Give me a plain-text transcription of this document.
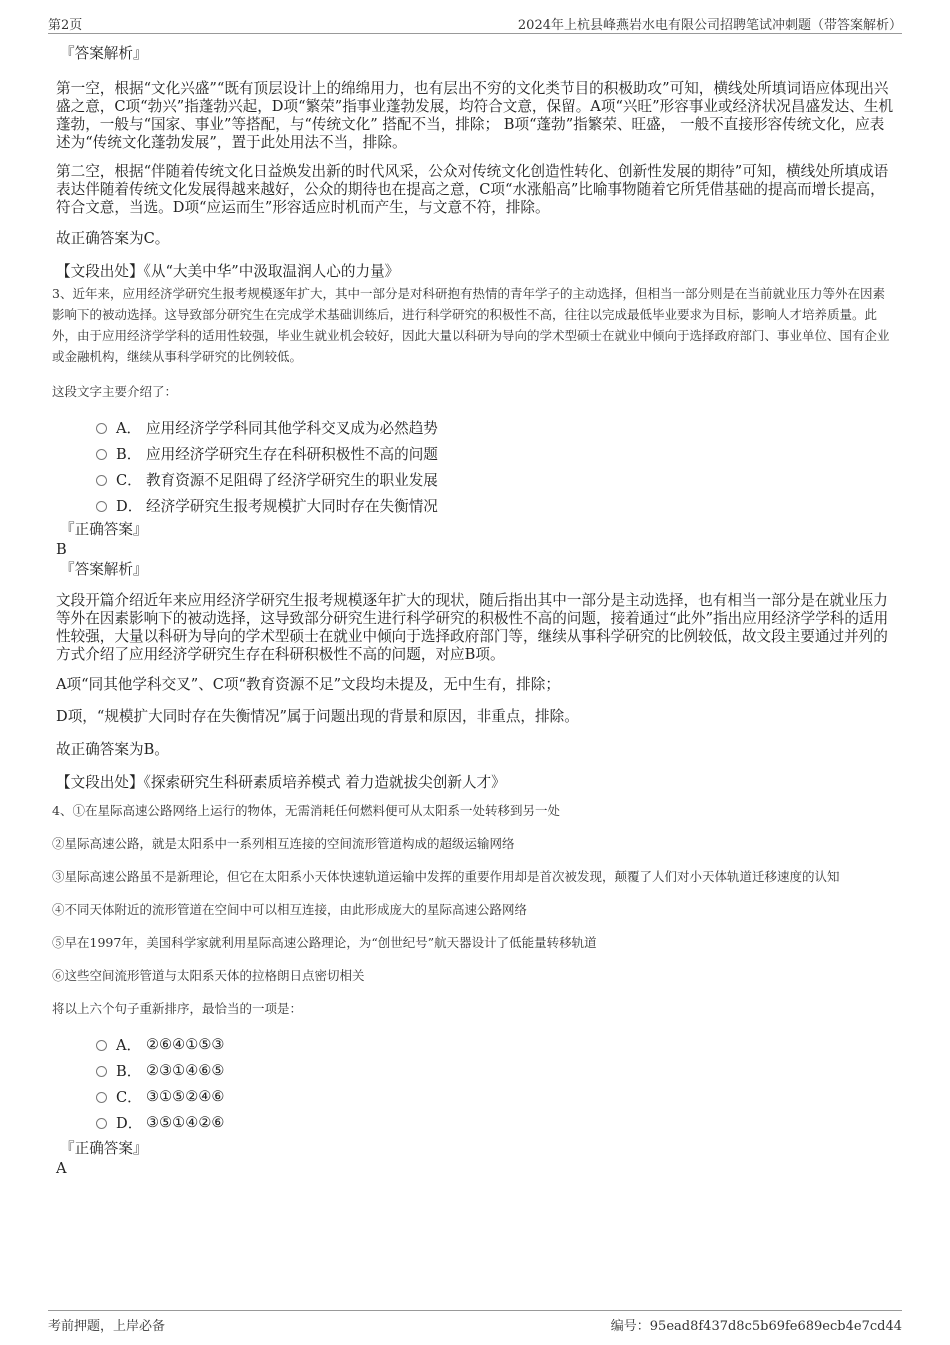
第2页	2024年上杭县峰燕岩水电有限公司招聘笔试冲刺题（带答案解析）
『答案解析』
第一空，根据“文化兴盛”“既有顶层设计上的绵绵用力，也有层出不穷的文化类节目的积极助攻”可知，横线处所填词语应体现出兴盛之意，C项“勃兴”指蓬勃兴起，D项“繁荣”指事业蓬勃发展，均符合文意，保留。A项“兴旺”形容事业或经济状况昌盛发达、生机蓬勃，一般与“国家、事业”等搭配，与“传统文化” 搭配不当，排除； B项“蓬勃”指繁荣、旺盛， 一般不直接形容传统文化，应表述为“传统文化蓬勃发展”，置于此处用法不当，排除。
第二空，根据“伴随着传统文化日益焕发出新的时代风采，公众对传统文化创造性转化、创新性发展的期待”可知，横线处所填成语表达伴随着传统文化发展得越来越好，公众的期待也在提高之意，C项“水涨船高”比喻事物随着它所凭借基础的提高而增长提高，符合文意，当选。D项“应运而生”形容适应时机而产生，与文意不符，排除。
故正确答案为C。
【文段出处】《从“大美中华”中汲取温润人心的力量》
3、近年来，应用经济学研究生报考规模逐年扩大，其中一部分是对科研抱有热情的青年学子的主动选择，但相当一部分则是在当前就业压力等外在因素影响下的被动选择。这导致部分研究生在完成学术基础训练后，进行科学研究的积极性不高，往往以完成最低毕业要求为目标，影响人才培养质量。此外，由于应用经济学学科的适用性较强，毕业生就业机会较好，因此大量以科研为导向的学术型硕士在就业中倾向于选择政府部门、事业单位、国有企业或金融机构，继续从事科学研究的比例较低。
这段文字主要介绍了：
A． 应用经济学学科同其他学科交叉成为必然趋势
B． 应用经济学研究生存在科研积极性不高的问题
C． 教育资源不足阻碍了经济学研究生的职业发展
D． 经济学研究生报考规模扩大同时存在失衡情况
『正确答案』
B
『答案解析』
文段开篇介绍近年来应用经济学研究生报考规模逐年扩大的现状，随后指出其中一部分是主动选择，也有相当一部分是在就业压力等外在因素影响下的被动选择，这导致部分研究生进行科学研究的积极性不高的问题，接着通过“此外”指出应用经济学学科的适用性较强，大量以科研为导向的学术型硕士在就业中倾向于选择政府部门等，继续从事科学研究的比例较低，故文段主要通过并列的方式介绍了应用经济学研究生存在科研积极性不高的问题，对应B项。
A项“同其他学科交叉”、C项“教育资源不足”文段均未提及，无中生有，排除；
D项，“规模扩大同时存在失衡情况”属于问题出现的背景和原因，非重点，排除。
故正确答案为B。
【文段出处】《探索研究生科研素质培养模式 着力造就拔尖创新人才》
4、①在星际高速公路网络上运行的物体，无需消耗任何燃料便可从太阳系一处转移到另一处
②星际高速公路，就是太阳系中一系列相互连接的空间流形管道构成的超级运输网络
③星际高速公路虽不是新理论，但它在太阳系小天体快速轨道运输中发挥的重要作用却是首次被发现，颠覆了人们对小天体轨道迁移速度的认知
④不同天体附近的流形管道在空间中可以相互连接，由此形成庞大的星际高速公路网络
⑤早在1997年，美国科学家就利用星际高速公路理论，为“创世纪号”航天器设计了低能量转移轨道
⑥这些空间流形管道与太阳系天体的拉格朗日点密切相关
将以上六个句子重新排序，最恰当的一项是：
A． ②⑥④①⑤③
B． ②③①④⑥⑤
C． ③①⑤②④⑥
D． ③⑤①④②⑥
『正确答案』
A
考前押题，上岸必备	编号：95ead8f437d8c5b69fe689ecb4e7cd44
